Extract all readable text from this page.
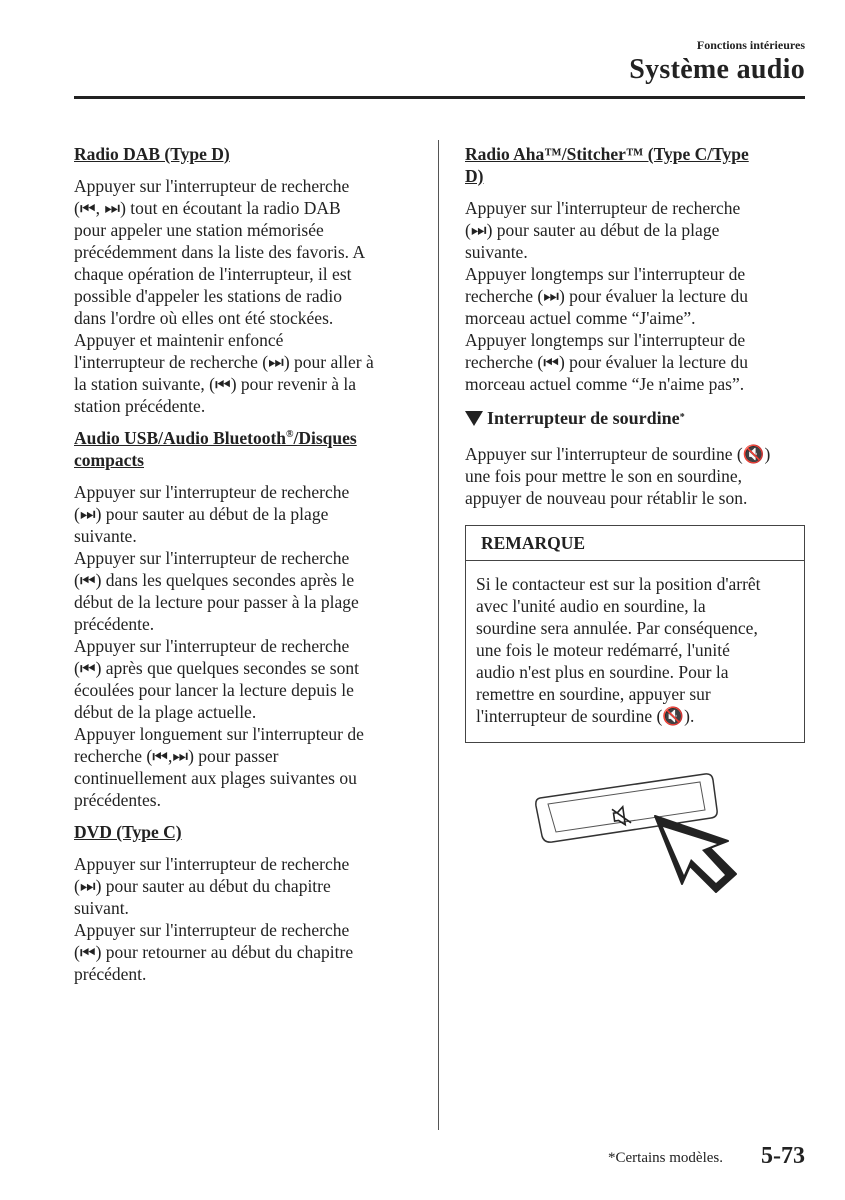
Fonctions intérieures
Système audio

Radio DAB (Type D)

Appuyer sur l'interrupteur de recherche

(⏮, ⏭) tout en écoutant la radio DAB

pour appeler une station mémorisée

précédemment dans la liste des favoris. A

chaque opération de l'interrupteur, il est

possible d'appeler les stations de radio

dans l'ordre où elles ont été stockées.

Appuyer et maintenir enfoncé

l'interrupteur de recherche (⏭) pour aller à

la station suivante, (⏮) pour revenir à la

station précédente.

Audio USB/Audio Bluetooth®/Disques
compacts

Appuyer sur l'interrupteur de recherche

(⏭) pour sauter au début de la plage

suivante.

Appuyer sur l'interrupteur de recherche

(⏮) dans les quelques secondes après le

début de la lecture pour passer à la plage

précédente.

Appuyer sur l'interrupteur de recherche

(⏮) après que quelques secondes se sont

écoulées pour lancer la lecture depuis le

début de la plage actuelle.

Appuyer longuement sur l'interrupteur de

recherche (⏮,⏭) pour passer

continuellement aux plages suivantes ou

précédentes.

DVD (Type C)

Appuyer sur l'interrupteur de recherche

(⏭) pour sauter au début du chapitre

suivant.

Appuyer sur l'interrupteur de recherche

(⏮) pour retourner au début du chapitre

précédent.

Radio Aha™/Stitcher™ (Type C/Type
D)

Appuyer sur l'interrupteur de recherche

(⏭) pour sauter au début de la plage

suivante.

Appuyer longtemps sur l'interrupteur de

recherche (⏭) pour évaluer la lecture du

morceau actuel comme “J'aime”.

Appuyer longtemps sur l'interrupteur de

recherche (⏮) pour évaluer la lecture du

morceau actuel comme “Je n'aime pas”.

Interrupteur de sourdine *

Appuyer sur l'interrupteur de sourdine (🔇)

une fois pour mettre le son en sourdine,

appuyer de nouveau pour rétablir le son.

REMARQUE

Si le contacteur est sur la position d'arrêt

avec l'unité audio en sourdine, la

sourdine sera annulée. Par conséquence,

une fois le moteur redémarré, l'unité

audio n'est plus en sourdine. Pour la

remettre en sourdine, appuyer sur

l'interrupteur de sourdine (🔇).

*Certains modèles. 5-73
